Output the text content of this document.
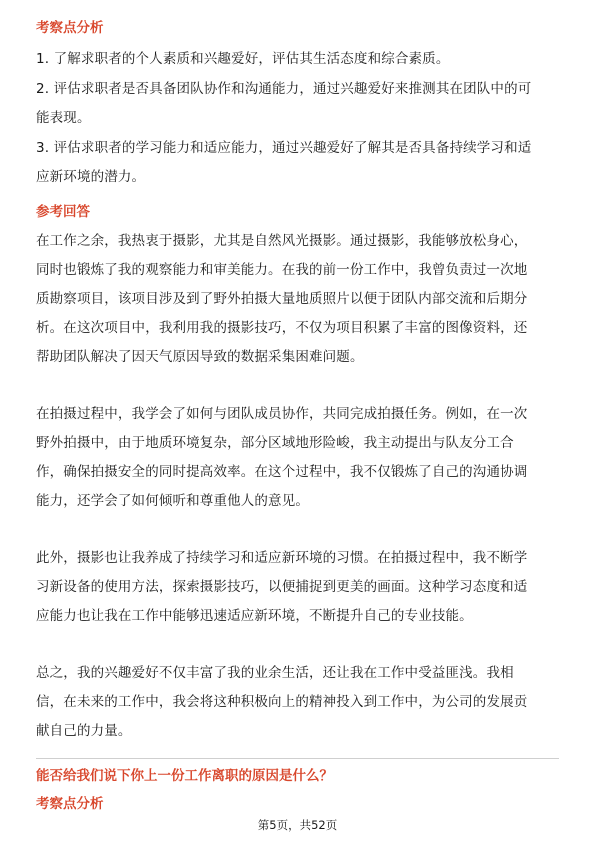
考察点分析
1. 了解求职者的个人素质和兴趣爱好，评估其生活态度和综合素质。
2. 评估求职者是否具备团队协作和沟通能力，通过兴趣爱好来推测其在团队中的可
能表现。
3. 评估求职者的学习能力和适应能力，通过兴趣爱好了解其是否具备持续学习和适
应新环境的潜力。
参考回答
在工作之余，我热衷于摄影，尤其是自然风光摄影。通过摄影，我能够放松身心，
同时也锻炼了我的观察能力和审美能力。在我的前一份工作中，我曾负责过一次地
质勘察项目，该项目涉及到了野外拍摄大量地质照片以便于团队内部交流和后期分
析。在这次项目中，我利用我的摄影技巧，不仅为项目积累了丰富的图像资料，还
帮助团队解决了因天气原因导致的数据采集困难问题。
在拍摄过程中，我学会了如何与团队成员协作，共同完成拍摄任务。例如，在一次
野外拍摄中，由于地质环境复杂，部分区域地形险峻，我主动提出与队友分工合
作，确保拍摄安全的同时提高效率。在这个过程中，我不仅锻炼了自己的沟通协调
能力，还学会了如何倾听和尊重他人的意见。
此外，摄影也让我养成了持续学习和适应新环境的习惯。在拍摄过程中，我不断学
习新设备的使用方法，探索摄影技巧，以便捕捉到更美的画面。这种学习态度和适
应能力也让我在工作中能够迅速适应新环境，不断提升自己的专业技能。
总之，我的兴趣爱好不仅丰富了我的业余生活，还让我在工作中受益匪浅。我相
信，在未来的工作中，我会将这种积极向上的精神投入到工作中，为公司的发展贡
献自己的力量。
能否给我们说下你上一份工作离职的原因是什么？
考察点分析
第5页，共52页
